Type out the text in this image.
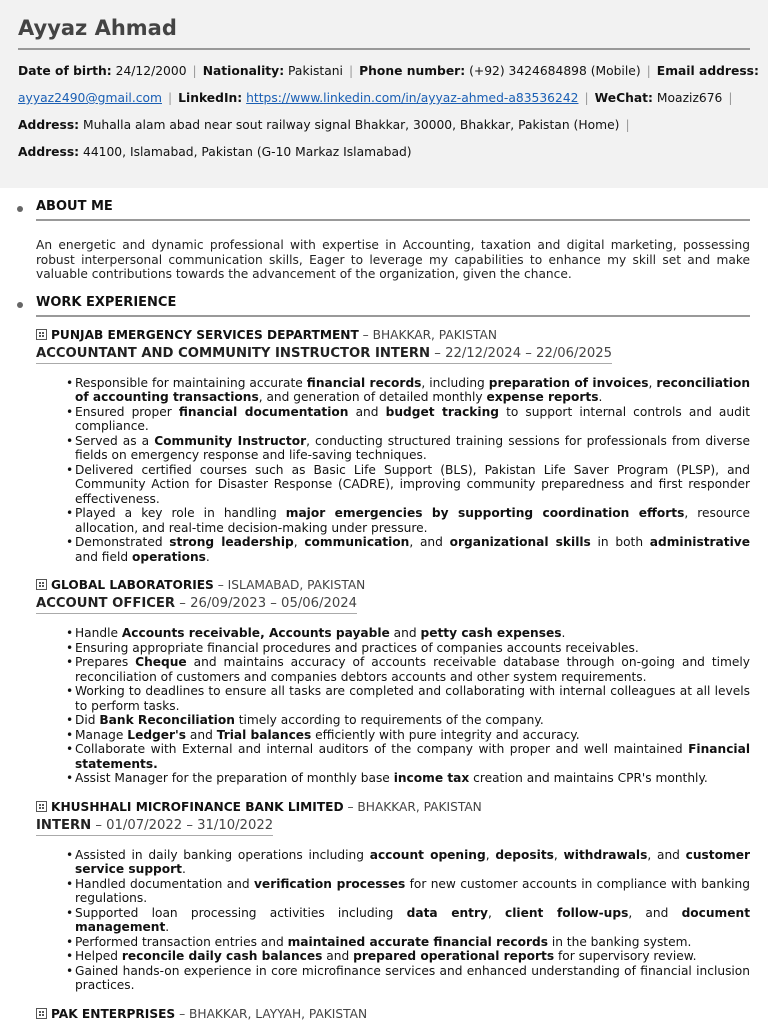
Ayyaz Ahmad
Date of birth: 24/12/2000 | Nationality: Pakistani | Phone number: (+92) 3424684898 (Mobile) | Email address:
ayyaz2490@gmail.com | LinkedIn: https://www.linkedin.com/in/ayyaz-ahmed-a83536242 | WeChat: Moaziz676 |
Address: Muhalla alam abad near sout railway signal Bhakkar, 30000, Bhakkar, Pakistan (Home) |
Address: 44100, Islamabad, Pakistan (G-10 Markaz Islamabad)
ABOUT ME
An energetic and dynamic professional with expertise in Accounting, taxation and digital marketing, possessing robust interpersonal communication skills, Eager to leverage my capabilities to enhance my skill set and make valuable contributions towards the advancement of the organization, given the chance.
WORK EXPERIENCE
PUNJAB EMERGENCY SERVICES DEPARTMENT – BHAKKAR, PAKISTAN
ACCOUNTANT AND COMMUNITY INSTRUCTOR INTERN – 22/12/2024 – 22/06/2025
• Responsible for maintaining accurate financial records, including preparation of invoices, reconciliation of accounting transactions, and generation of detailed monthly expense reports.
• Ensured proper financial documentation and budget tracking to support internal controls and audit compliance.
• Served as a Community Instructor, conducting structured training sessions for professionals from diverse fields on emergency response and life-saving techniques.
• Delivered certified courses such as Basic Life Support (BLS), Pakistan Life Saver Program (PLSP), and Community Action for Disaster Response (CADRE), improving community preparedness and first responder effectiveness.
• Played a key role in handling major emergencies by supporting coordination efforts, resource allocation, and real-time decision-making under pressure.
• Demonstrated strong leadership, communication, and organizational skills in both administrative and field operations.
GLOBAL LABORATORIES – ISLAMABAD, PAKISTAN
ACCOUNT OFFICER – 26/09/2023 – 05/06/2024
• Handle Accounts receivable, Accounts payable and petty cash expenses.
• Ensuring appropriate financial procedures and practices of companies accounts receivables.
• Prepares Cheque and maintains accuracy of accounts receivable database through on-going and timely reconciliation of customers and companies debtors accounts and other system requirements.
• Working to deadlines to ensure all tasks are completed and collaborating with internal colleagues at all levels to perform tasks.
• Did Bank Reconciliation timely according to requirements of the company.
• Manage Ledger's and Trial balances efficiently with pure integrity and accuracy.
• Collaborate with External and internal auditors of the company with proper and well maintained Financial statements.
• Assist Manager for the preparation of monthly base income tax creation and maintains CPR's monthly.
KHUSHHALI MICROFINANCE BANK LIMITED – BHAKKAR, PAKISTAN
INTERN – 01/07/2022 – 31/10/2022
• Assisted in daily banking operations including account opening, deposits, withdrawals, and customer service support.
• Handled documentation and verification processes for new customer accounts in compliance with banking regulations.
• Supported loan processing activities including data entry, client follow-ups, and document management.
• Performed transaction entries and maintained accurate financial records in the banking system.
• Helped reconcile daily cash balances and prepared operational reports for supervisory review.
• Gained hands-on experience in core microfinance services and enhanced understanding of financial inclusion practices.
PAK ENTERPRISES – BHAKKAR, LAYYAH, PAKISTAN
